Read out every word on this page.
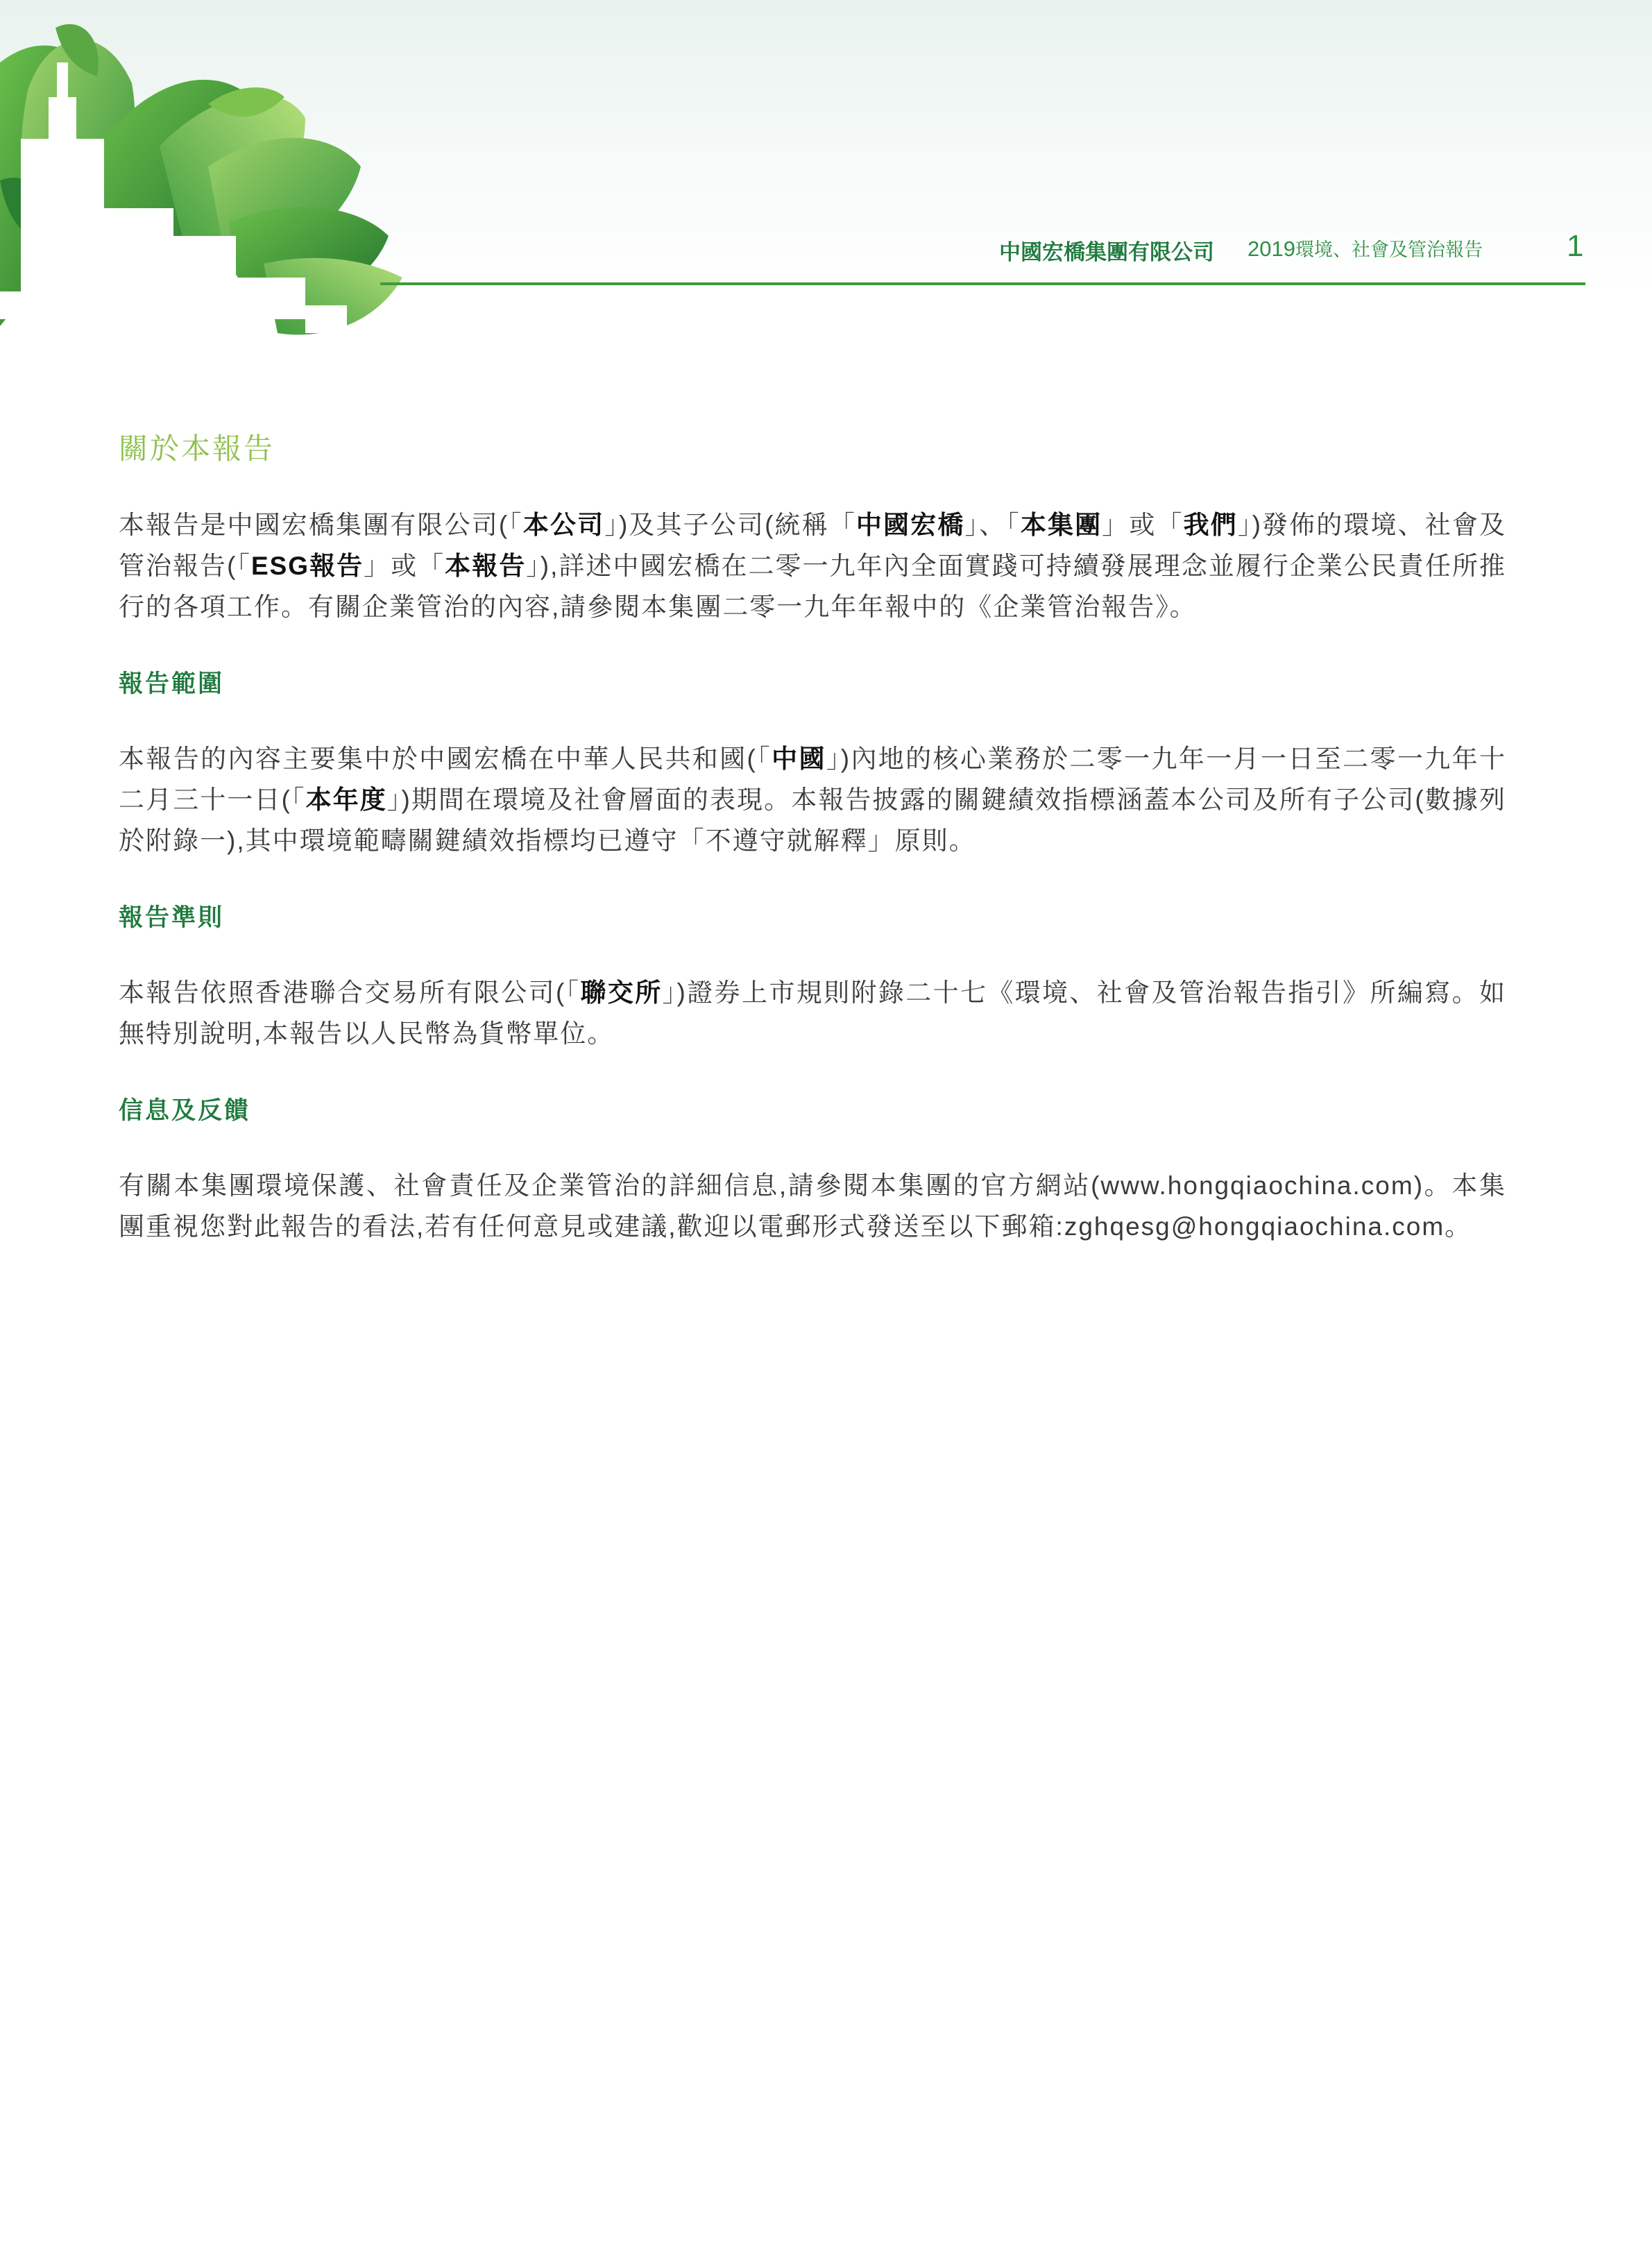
中國宏橋集團有限公司 2019環境、社會及管治報告	1
關於本報告

本報告是中國宏橋集團有限公司(「本公司」)及其子公司(統稱「中國宏橋」、「本集團」或「我們」)發佈的環境、社會及管治報告(「ESG報告」或「本報告」),詳述中國宏橋在二零一九年內全面實踐可持續發展理念並履行企業公民責任所推行的各項工作。有關企業管治的內容,請參閱本集團二零一九年年報中的《企業管治報告》。

報告範圍

本報告的內容主要集中於中國宏橋在中華人民共和國(「中國」)內地的核心業務於二零一九年一月一日至二零一九年十二月三十一日(「本年度」)期間在環境及社會層面的表現。本報告披露的關鍵績效指標涵蓋本公司及所有子公司(數據列於附錄一),其中環境範疇關鍵績效指標均已遵守「不遵守就解釋」原則。

報告準則

本報告依照香港聯合交易所有限公司(「聯交所」)證券上市規則附錄二十七《環境、社會及管治報告指引》所編寫。如無特別說明,本報告以人民幣為貨幣單位。

信息及反饋

有關本集團環境保護、社會責任及企業管治的詳細信息,請參閱本集團的官方網站(www.hongqiaochina.com)。本集團重視您對此報告的看法,若有任何意見或建議,歡迎以電郵形式發送至以下郵箱:zghqesg@hongqiaochina.com。
